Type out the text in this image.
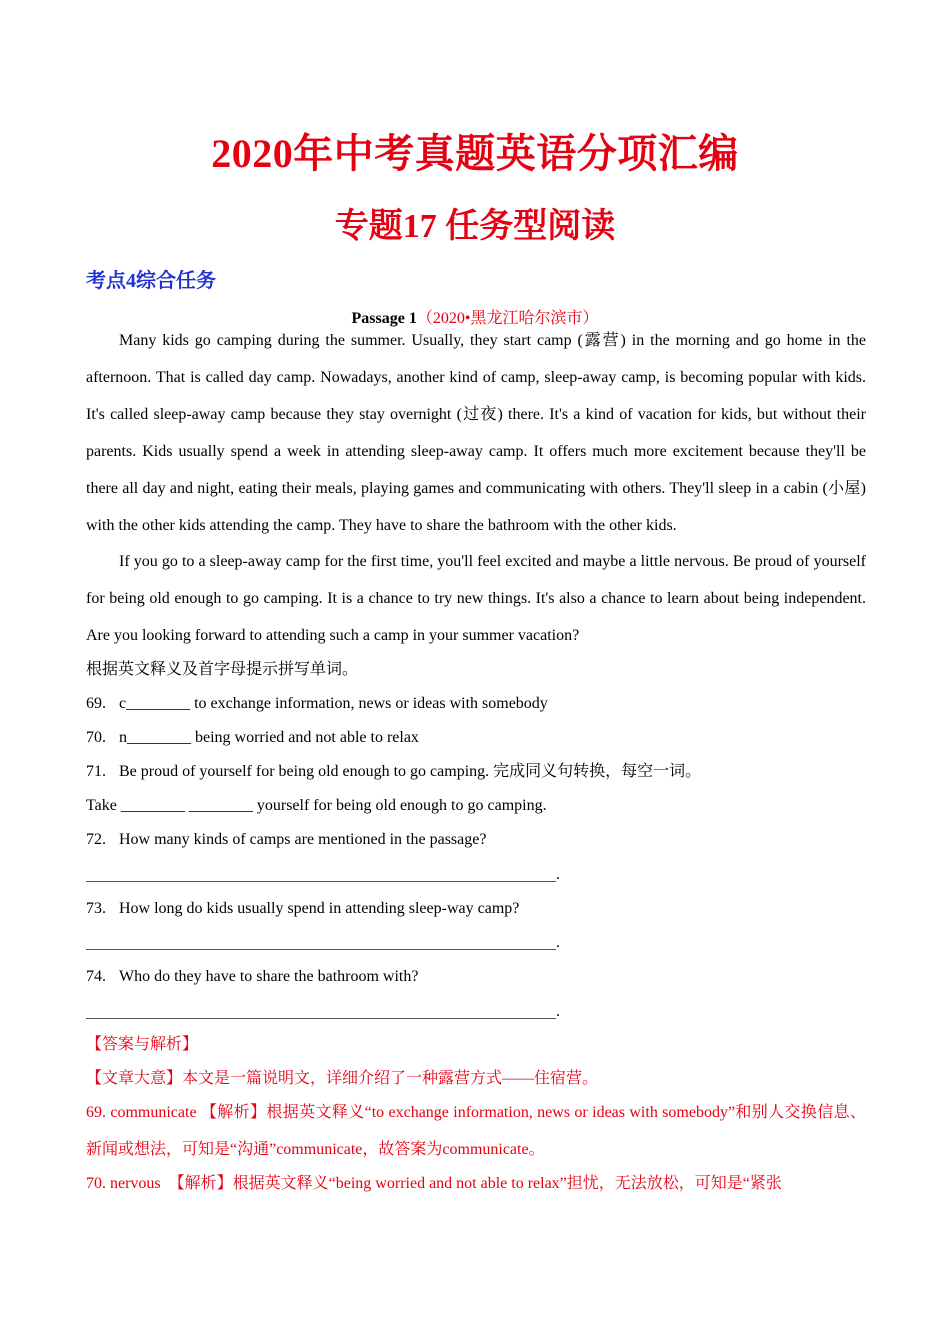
2020年中考真题英语分项汇编
专题17 任务型阅读
考点4综合任务
Passage 1（2020•黑龙江哈尔滨市）

Many kids go camping during the summer. Usually, they start camp (露营) in the morning and go home in the afternoon. That is called day camp. Nowadays, another kind of camp, sleep-away camp, is becoming popular with kids. It's called sleep-away camp because they stay overnight (过夜) there. It's a kind of vacation for kids, but without their parents. Kids usually spend a week in attending sleep-away camp. It offers much more excitement because they'll be there all day and night, eating their meals, playing games and communicating with others. They'll sleep in a cabin (小屋) with the other kids attending the camp. They have to share the bathroom with the other kids.

If you go to a sleep-away camp for the first time, you'll feel excited and maybe a little nervous. Be proud of yourself for being old enough to go camping. It is a chance to try new things. It's also a chance to learn about being independent. Are you looking forward to attending such a camp in your summer vacation?

根据英文释义及首字母提示拼写单词。
69. c________ to exchange information, news or ideas with somebody
70. n________ being worried and not able to relax
71. Be proud of yourself for being old enough to go camping. 完成同义句转换，每空一词。
Take ________ ________ yourself for being old enough to go camping.
72. How many kinds of camps are mentioned in the passage?
.
73. How long do kids usually spend in attending sleep-way camp?
.
74. Who do they have to share the bathroom with?
.
【答案与解析】
【文章大意】本文是一篇说明文，详细介绍了一种露营方式——住宿营。

69. communicate 【解析】根据英文释义“to exchange information, news or ideas with somebody”和别人交换信息、新闻或想法，可知是“沟通”communicate，故答案为communicate。

70. nervous　【解析】根据英文释义“being worried and not able to relax”担忧，无法放松，可知是“紧张
